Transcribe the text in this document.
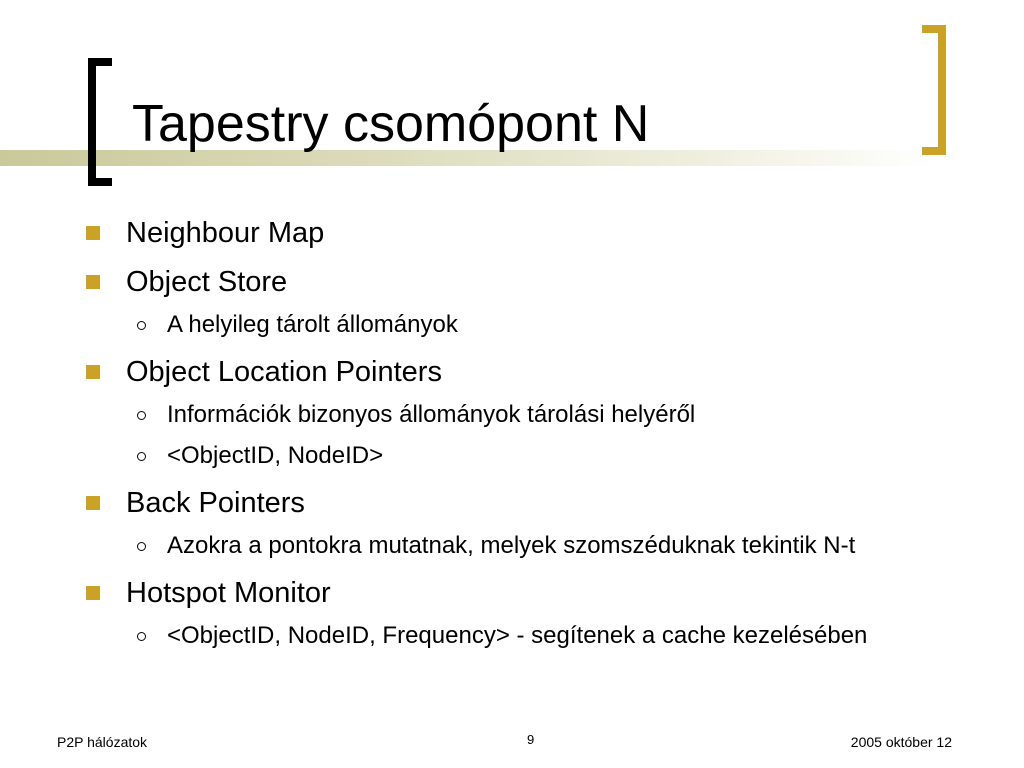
Tapestry csomópont N
Neighbour Map
Object Store
A helyileg tárolt állományok
Object Location Pointers
Információk bizonyos állományok tárolási helyéről
<ObjectID, NodeID>
Back Pointers
Azokra a pontokra mutatnak, melyek szomszéduknak tekintik N-t
Hotspot Monitor
<ObjectID, NodeID, Frequency> - segítenek a cache kezelésében
P2P hálózatok	9	2005 október 12
